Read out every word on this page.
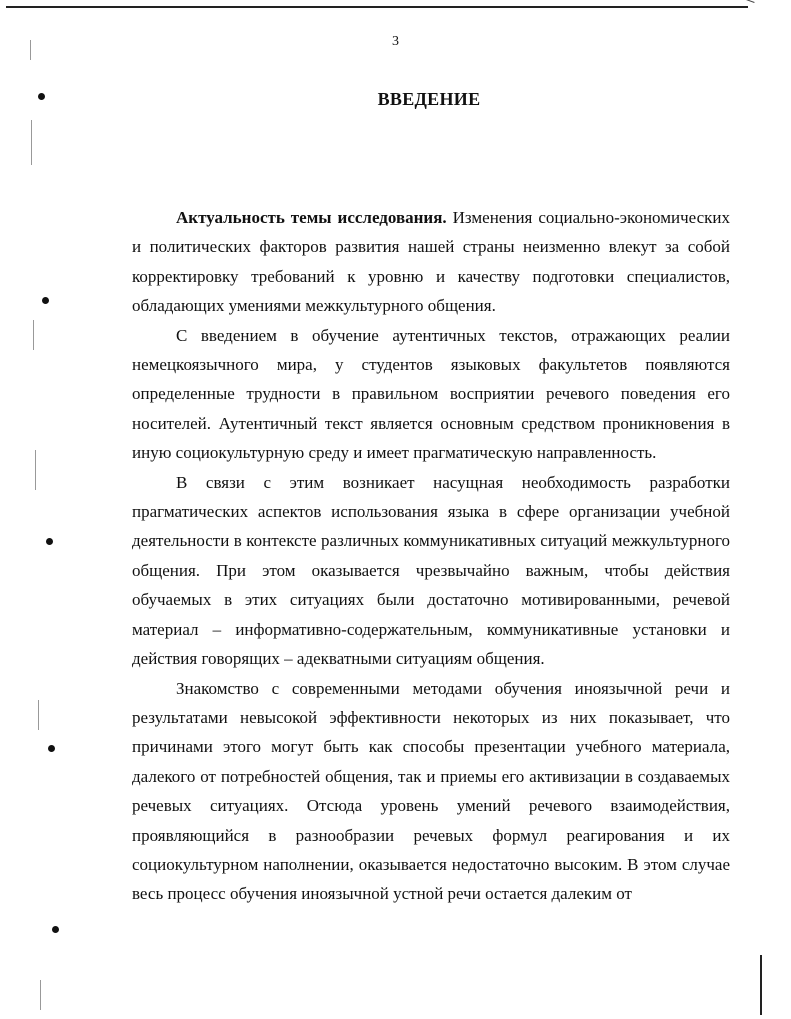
3
ВВЕДЕНИЕ

Актуальность темы исследования. Изменения социально-экономических и политических факторов развития нашей страны неизменно влекут за собой корректировку требований к уровню и качеству подготовки специалистов, обладающих умениями межкультурного общения.

С введением в обучение аутентичных текстов, отражающих реалии немецкоязычного мира, у студентов языковых факультетов появляются определенные трудности в правильном восприятии речевого поведения его носителей. Аутентичный текст является основным средством проникновения в иную социокультурную среду и имеет прагматическую направленность.

В связи с этим возникает насущная необходимость разработки прагматических аспектов использования языка в сфере организации учебной деятельности в контексте различных коммуникативных ситуаций межкультурного общения. При этом оказывается чрезвычайно важным, чтобы действия обучаемых в этих ситуациях были достаточно мотивированными, речевой материал – информативно-содержательным, коммуникативные установки и действия говорящих – адекватными ситуациям общения.

Знакомство с современными методами обучения иноязычной речи и результатами невысокой эффективности некоторых из них показывает, что причинами этого могут быть как способы презентации учебного материала, далекого от потребностей общения, так и приемы его активизации в создаваемых речевых ситуациях. Отсюда уровень умений речевого взаимодействия, проявляющийся в разнообразии речевых формул реагирования и их социокультурном наполнении, оказывается недостаточно высоким. В этом случае весь процесс обучения иноязычной устной речи остается далеким от
